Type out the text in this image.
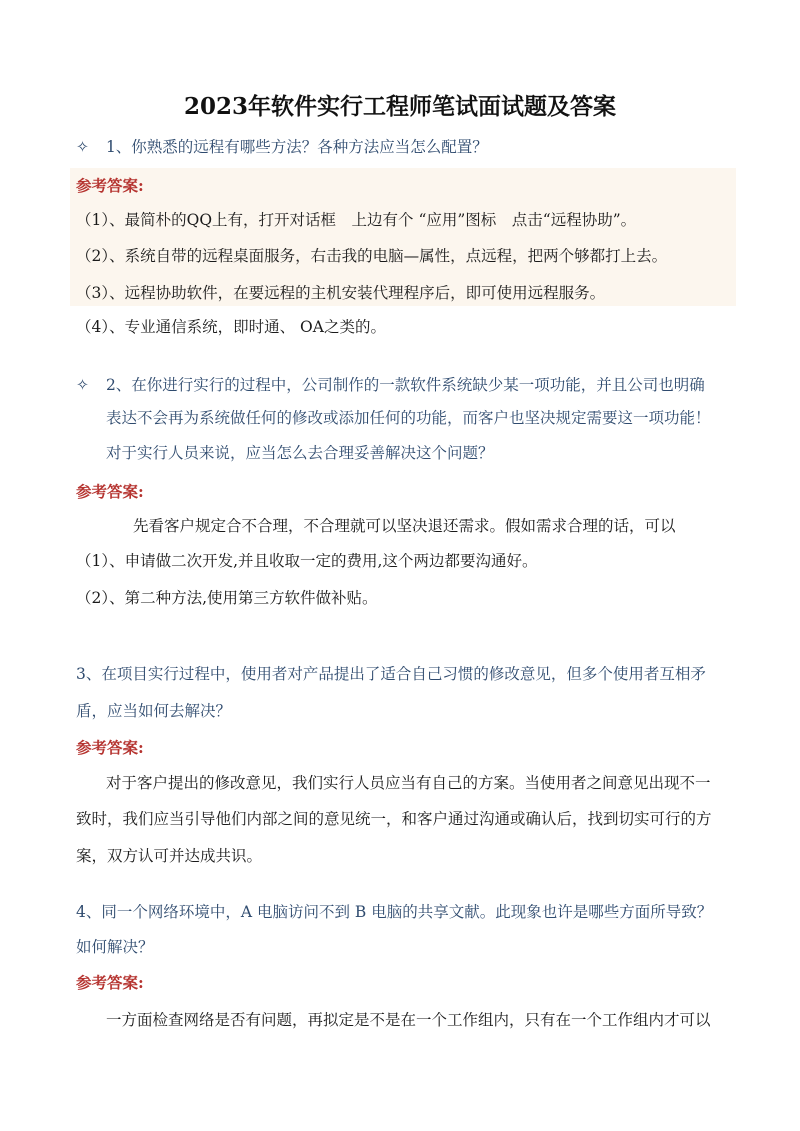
2023年软件实行工程师笔试面试题及答案
✧ 1、你熟悉的远程有哪些方法？各种方法应当怎么配置？
参考答案:
（1）、最简朴的QQ上有，打开对话框　上边有个 “应用”图标　点击“远程协助”。
（2）、系统自带的远程桌面服务，右击我的电脑—属性，点远程，把两个够都打上去。
（3）、远程协助软件，在要远程的主机安装代理程序后，即可使用远程服务。
（4）、专业通信系统，即时通、 OA之类的。
✧ 2、在你进行实行的过程中，公司制作的一款软件系统缺少某一项功能，并且公司也明确
表达不会再为系统做任何的修改或添加任何的功能，而客户也坚决规定需要这一项功能！
对于实行人员来说，应当怎么去合理妥善解决这个问题？
参考答案:
先看客户规定合不合理，不合理就可以坚决退还需求。假如需求合理的话，可以
（1）、申请做二次开发,并且收取一定的费用,这个两边都要沟通好。
（2）、第二种方法,使用第三方软件做补贴。
3、在项目实行过程中，使用者对产品提出了适合自己习惯的修改意见，但多个使用者互相矛
盾，应当如何去解决？
参考答案:
对于客户提出的修改意见，我们实行人员应当有自己的方案。当使用者之间意见出现不一
致时，我们应当引导他们内部之间的意见统一，和客户通过沟通或确认后，找到切实可行的方
案，双方认可并达成共识。
4、同一个网络环境中，A 电脑访问不到 B 电脑的共享文献。此现象也许是哪些方面所导致？
如何解决？
参考答案:
一方面检查网络是否有问题，再拟定是不是在一个工作组内，只有在一个工作组内才可以
